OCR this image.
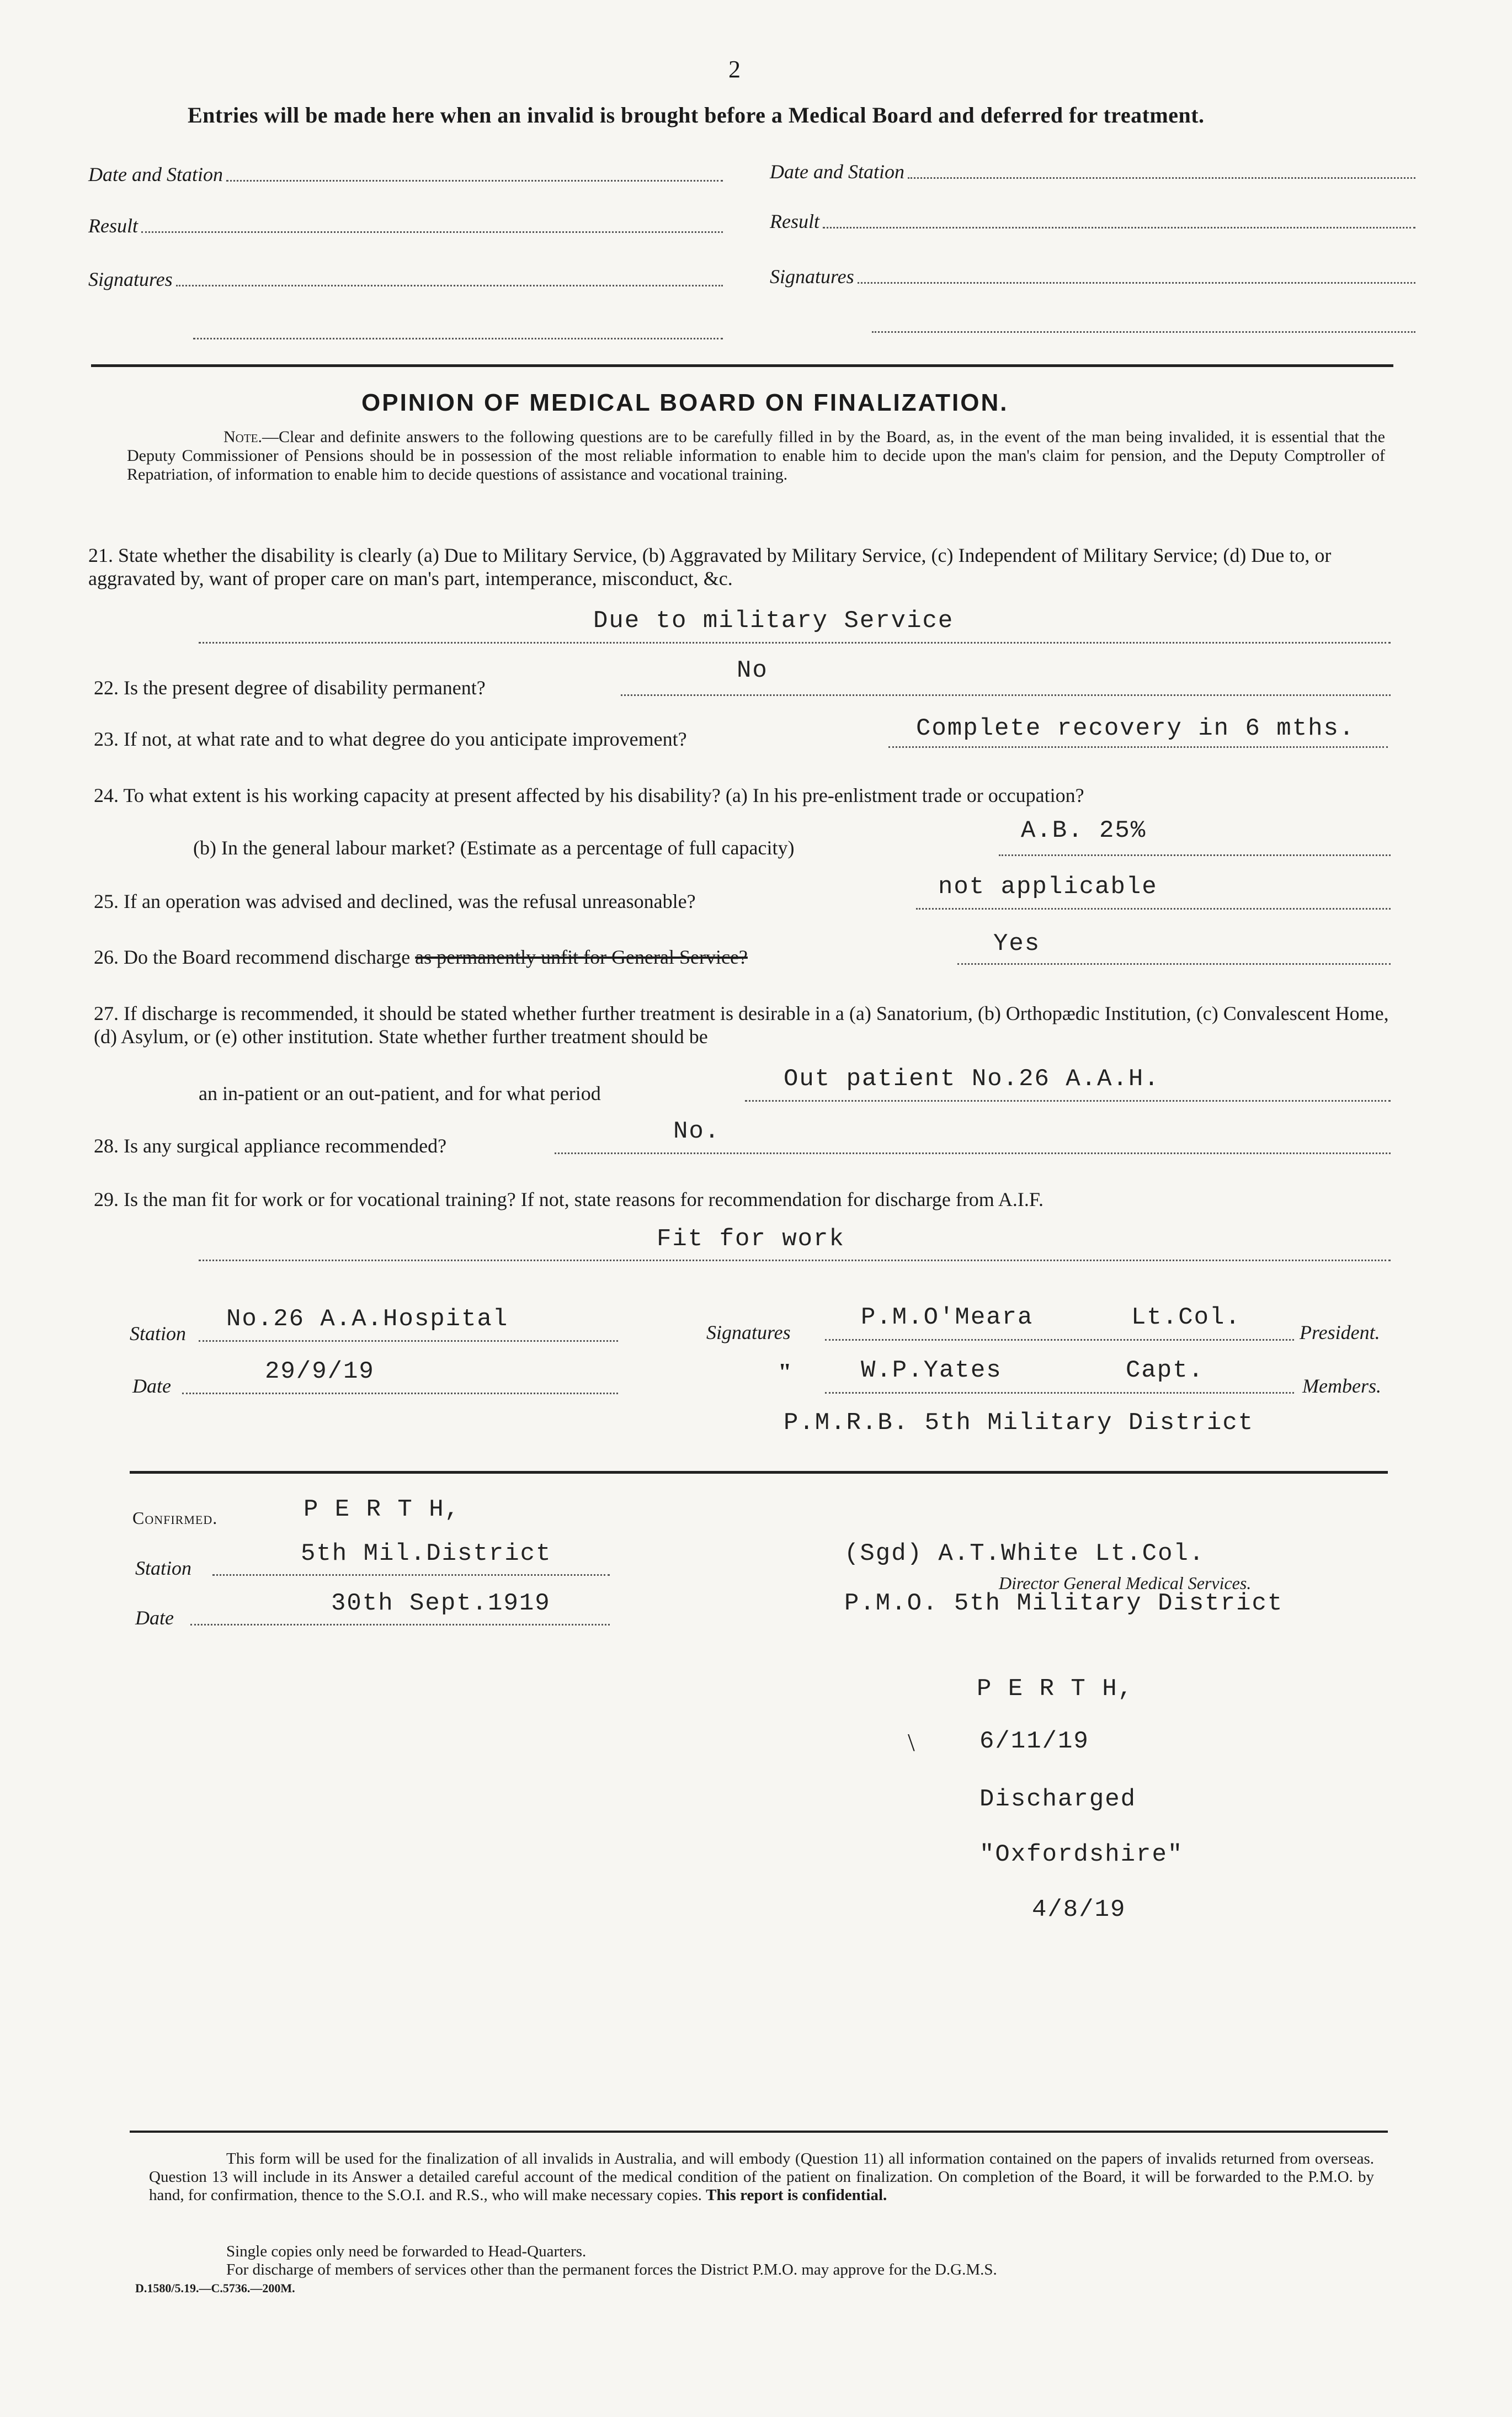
2
Entries will be made here when an invalid is brought before a Medical Board and deferred for treatment.
Date and Station
Result
Signatures
Date and Station
Result
Signatures
OPINION OF MEDICAL BOARD ON FINALIZATION.
Note.—Clear and definite answers to the following questions are to be carefully filled in by the Board, as, in the event of the man being invalided, it is essential that the Deputy Commissioner of Pensions should be in possession of the most reliable information to enable him to decide upon the man's claim for pension, and the Deputy Comptroller of Repatriation, of information to enable him to decide questions of assistance and vocational training.
21. State whether the disability is clearly (a) Due to Military Service, (b) Aggravated by Military Service, (c) Independent of Military Service; (d) Due to, or aggravated by, want of proper care on man's part, intemperance, misconduct, &c.
Due to military Service
22. Is the present degree of disability permanent?
No
23. If not, at what rate and to what degree do you anticipate improvement?	Complete recovery in 6 mths.
24. To what extent is his working capacity at present affected by his disability? (a) In his pre-enlistment trade or occupation?
(b) In the general labour market? (Estimate as a percentage of full capacity)
A.B. 25%
25. If an operation was advised and declined, was the refusal unreasonable?
not applicable
26. Do the Board recommend discharge as permanently unfit for General Service?	Yes
27. If discharge is recommended, it should be stated whether further treatment is desirable in a (a) Sanatorium, (b) Orthopædic Institution, (c) Convalescent Home, (d) Asylum, or (e) other institution. State whether further treatment should be
an in-patient or an out-patient, and for what period
Out patient No.26 A.A.H.
28. Is any surgical appliance recommended?
No.
29. Is the man fit for work or for vocational training? If not, state reasons for recommendation for discharge from A.I.F.
Fit for work
Station
No.26 A.A.Hospital
Date
29/9/19
Signatures
P.M.O'Meara	Lt.Col.
President.
"	W.P.Yates	Capt.
Members.
P.M.R.B. 5th Military District
Confirmed.	P E R T H,
Station
5th Mil.District
Date
30th Sept.1919
(Sgd) A.T.White Lt.Col.
Director General Medical Services.
P.M.O. 5th Military District
P E R T H,
\	6/11/19
Discharged
"Oxfordshire"
4/8/19
This form will be used for the finalization of all invalids in Australia, and will embody (Question 11) all information contained on the papers of invalids returned from overseas. Question 13 will include in its Answer a detailed careful account of the medical condition of the patient on finalization. On completion of the Board, it will be forwarded to the P.M.O. by hand, for confirmation, thence to the S.O.I. and R.S., who will make necessary copies. This report is confidential.
Single copies only need be forwarded to Head-Quarters.
For discharge of members of services other than the permanent forces the District P.M.O. may approve for the D.G.M.S.
D.1580/5.19.—C.5736.—200M.
